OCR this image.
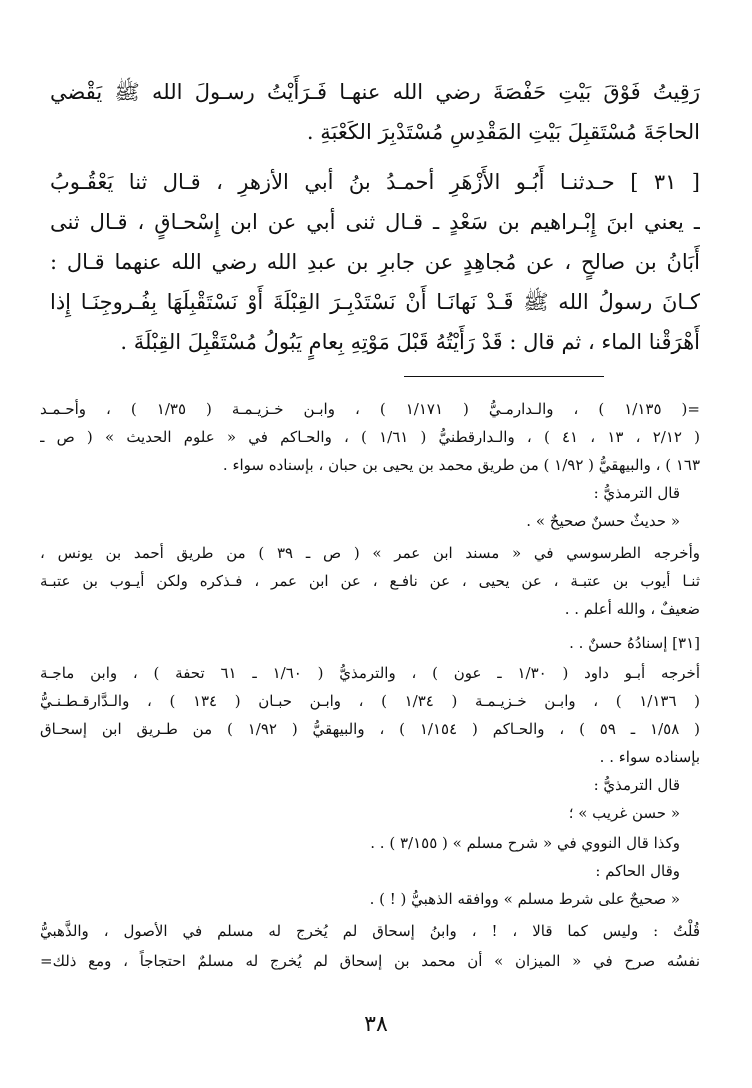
رَقِيتُ فَوْقَ بَيْتِ حَفْصَةَ رضي الله عنهـا فَـرَأَيْتُ رسـولَ الله ﷺ يَقْضي
الحاجَةَ مُسْتَقبِلَ بَيْتِ المَقْدِسِ مُسْتَدْبِرَ الكَعْبَةِ .
[ ٣١ ] حـدثنـا أَبُـو الأَزْهَرِ أحمـدُ بنُ أبي الأزهرِ ، قـال ثنا يَعْقُـوبُ
ـ يعني ابنَ إِبْـراهيم بن سَعْدٍ ـ قـال ثنى أبي عن ابن إِسْحـاقٍ ، قـال ثنى
أَبَانُ بن صالحٍ ، عن مُجاهِدٍ عن جابرِ بن عبدِ الله رضي الله عنهما قـال :
كـانَ رسولُ الله ﷺ قَـدْ نَهانَـا أَنْ نَسْتَدْبِـرَ القِبْلَةَ أَوْ نَسْتَقْبِلَهَا بِفُـروجِنَـا إِذا
أَهْرَقْنا الماء ، ثم قال : قَدْ رَأَيْتُهُ قَبْلَ مَوْتِهِ بِعامٍ يَبُولُ مُسْتَقْبِلَ القِبْلَةَ .
=( ١/١٣٥ ) ، والـدارمـيُّ ( ١/١٧١ ) ، وابـن خـزيـمـة ( ١/٣٥ ) ، وأحـمـد
( ٢/١٢ ، ١٣ ، ٤١ ) ، والـدارقطنيُّ ( ١/٦١ ) ، والحـاكم في « علوم الحديث » ( ص ـ
١٦٣ ) ، والبيهقيُّ ( ١/٩٢ ) من طريق محمد بن يحيى بن حبان ، بإسناده سواء .
قال الترمذيُّ :
« حديثٌ حسنٌ صحيحٌ » .
وأخرجه الطرسوسي في « مسند ابن عمر » ( ص ـ ٣٩ ) من طريق أحمد بن يونس ،
ثنـا أيوب بن عتبـة ، عن يحيى ، عن نافـع ، عن ابن عمر ، فـذكره ولكن أيـوب بن عتبـة
ضعيفٌ ، والله أعلم . .
[٣١] إسنادُهُ حسنٌ . .
أخرجه أبـو داود ( ١/٣٠ ـ عون ) ، والترمذيُّ ( ١/٦٠ ـ ٦١ تحفة ) ، وابن ماجـة
( ١/١٣٦ ) ، وابـن خـزيـمـة ( ١/٣٤ ) ، وابـن حبـان ( ١٣٤ ) ، والـدَّارقـطـنـيُّ
( ١/٥٨ ـ ٥٩ ) ، والحـاكم ( ١/١٥٤ ) ، والبيهقيُّ ( ١/٩٢ ) من طـريق ابن إسحـاق
بإسناده سواء . .
قال الترمذيُّ :
« حسن غريب » ؛
وكذا قال النووي في « شرح مسلم » ( ٣/١٥٥ ) . .
وقال الحاكم :
« صحيحٌ على شرط مسلم » ووافقه الذهبيُّ ( ! ) .
قُلْتُ : وليس كما قالا ، ! ، وابنُ إسحاق لم يُخرج له مسلم في الأصول ، والذَّهبيُّ
نفسُه صرح في « الميزان » أن محمد بن إسحاق لم يُخرج له مسلمٌ احتجاجاً ، ومع ذلك=
٣٨
